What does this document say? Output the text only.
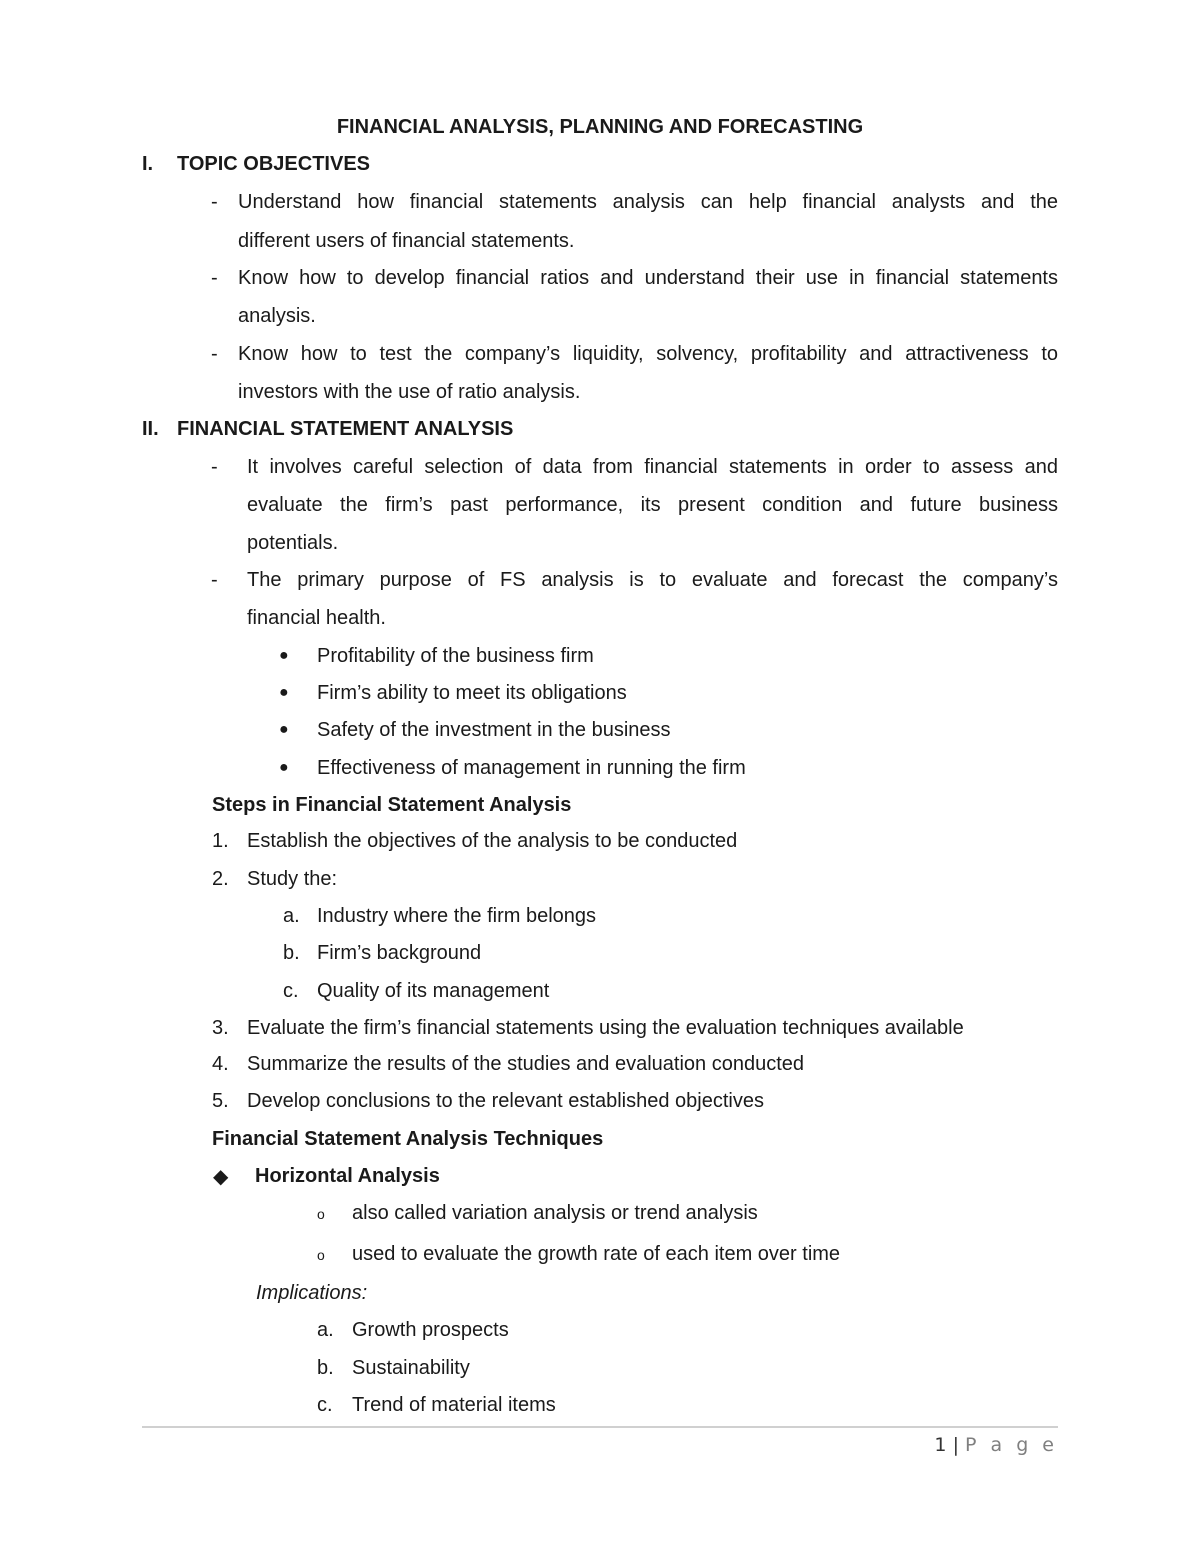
FINANCIAL ANALYSIS, PLANNING AND FORECASTING
I. TOPIC OBJECTIVES
- Understand how financial statements analysis can help financial analysts and the
different users of financial statements.
- Know how to develop financial ratios and understand their use in financial statements
analysis.
- Know how to test the company’s liquidity, solvency, profitability and attractiveness to
investors with the use of ratio analysis.
II. FINANCIAL STATEMENT ANALYSIS
- It involves careful selection of data from financial statements in order to assess and
evaluate the firm’s past performance, its present condition and future business
potentials.
- The primary purpose of FS analysis is to evaluate and forecast the company’s
financial health.
● Profitability of the business firm
● Firm’s ability to meet its obligations
● Safety of the investment in the business
● Effectiveness of management in running the firm
Steps in Financial Statement Analysis
1. Establish the objectives of the analysis to be conducted
2. Study the:
a. Industry where the firm belongs
b. Firm’s background
c. Quality of its management
3. Evaluate the firm’s financial statements using the evaluation techniques available
4. Summarize the results of the studies and evaluation conducted
5. Develop conclusions to the relevant established objectives
Financial Statement Analysis Techniques
◆ Horizontal Analysis
o also called variation analysis or trend analysis
o used to evaluate the growth rate of each item over time
Implications:
a. Growth prospects
b. Sustainability
c. Trend of material items
1 | P a g e
